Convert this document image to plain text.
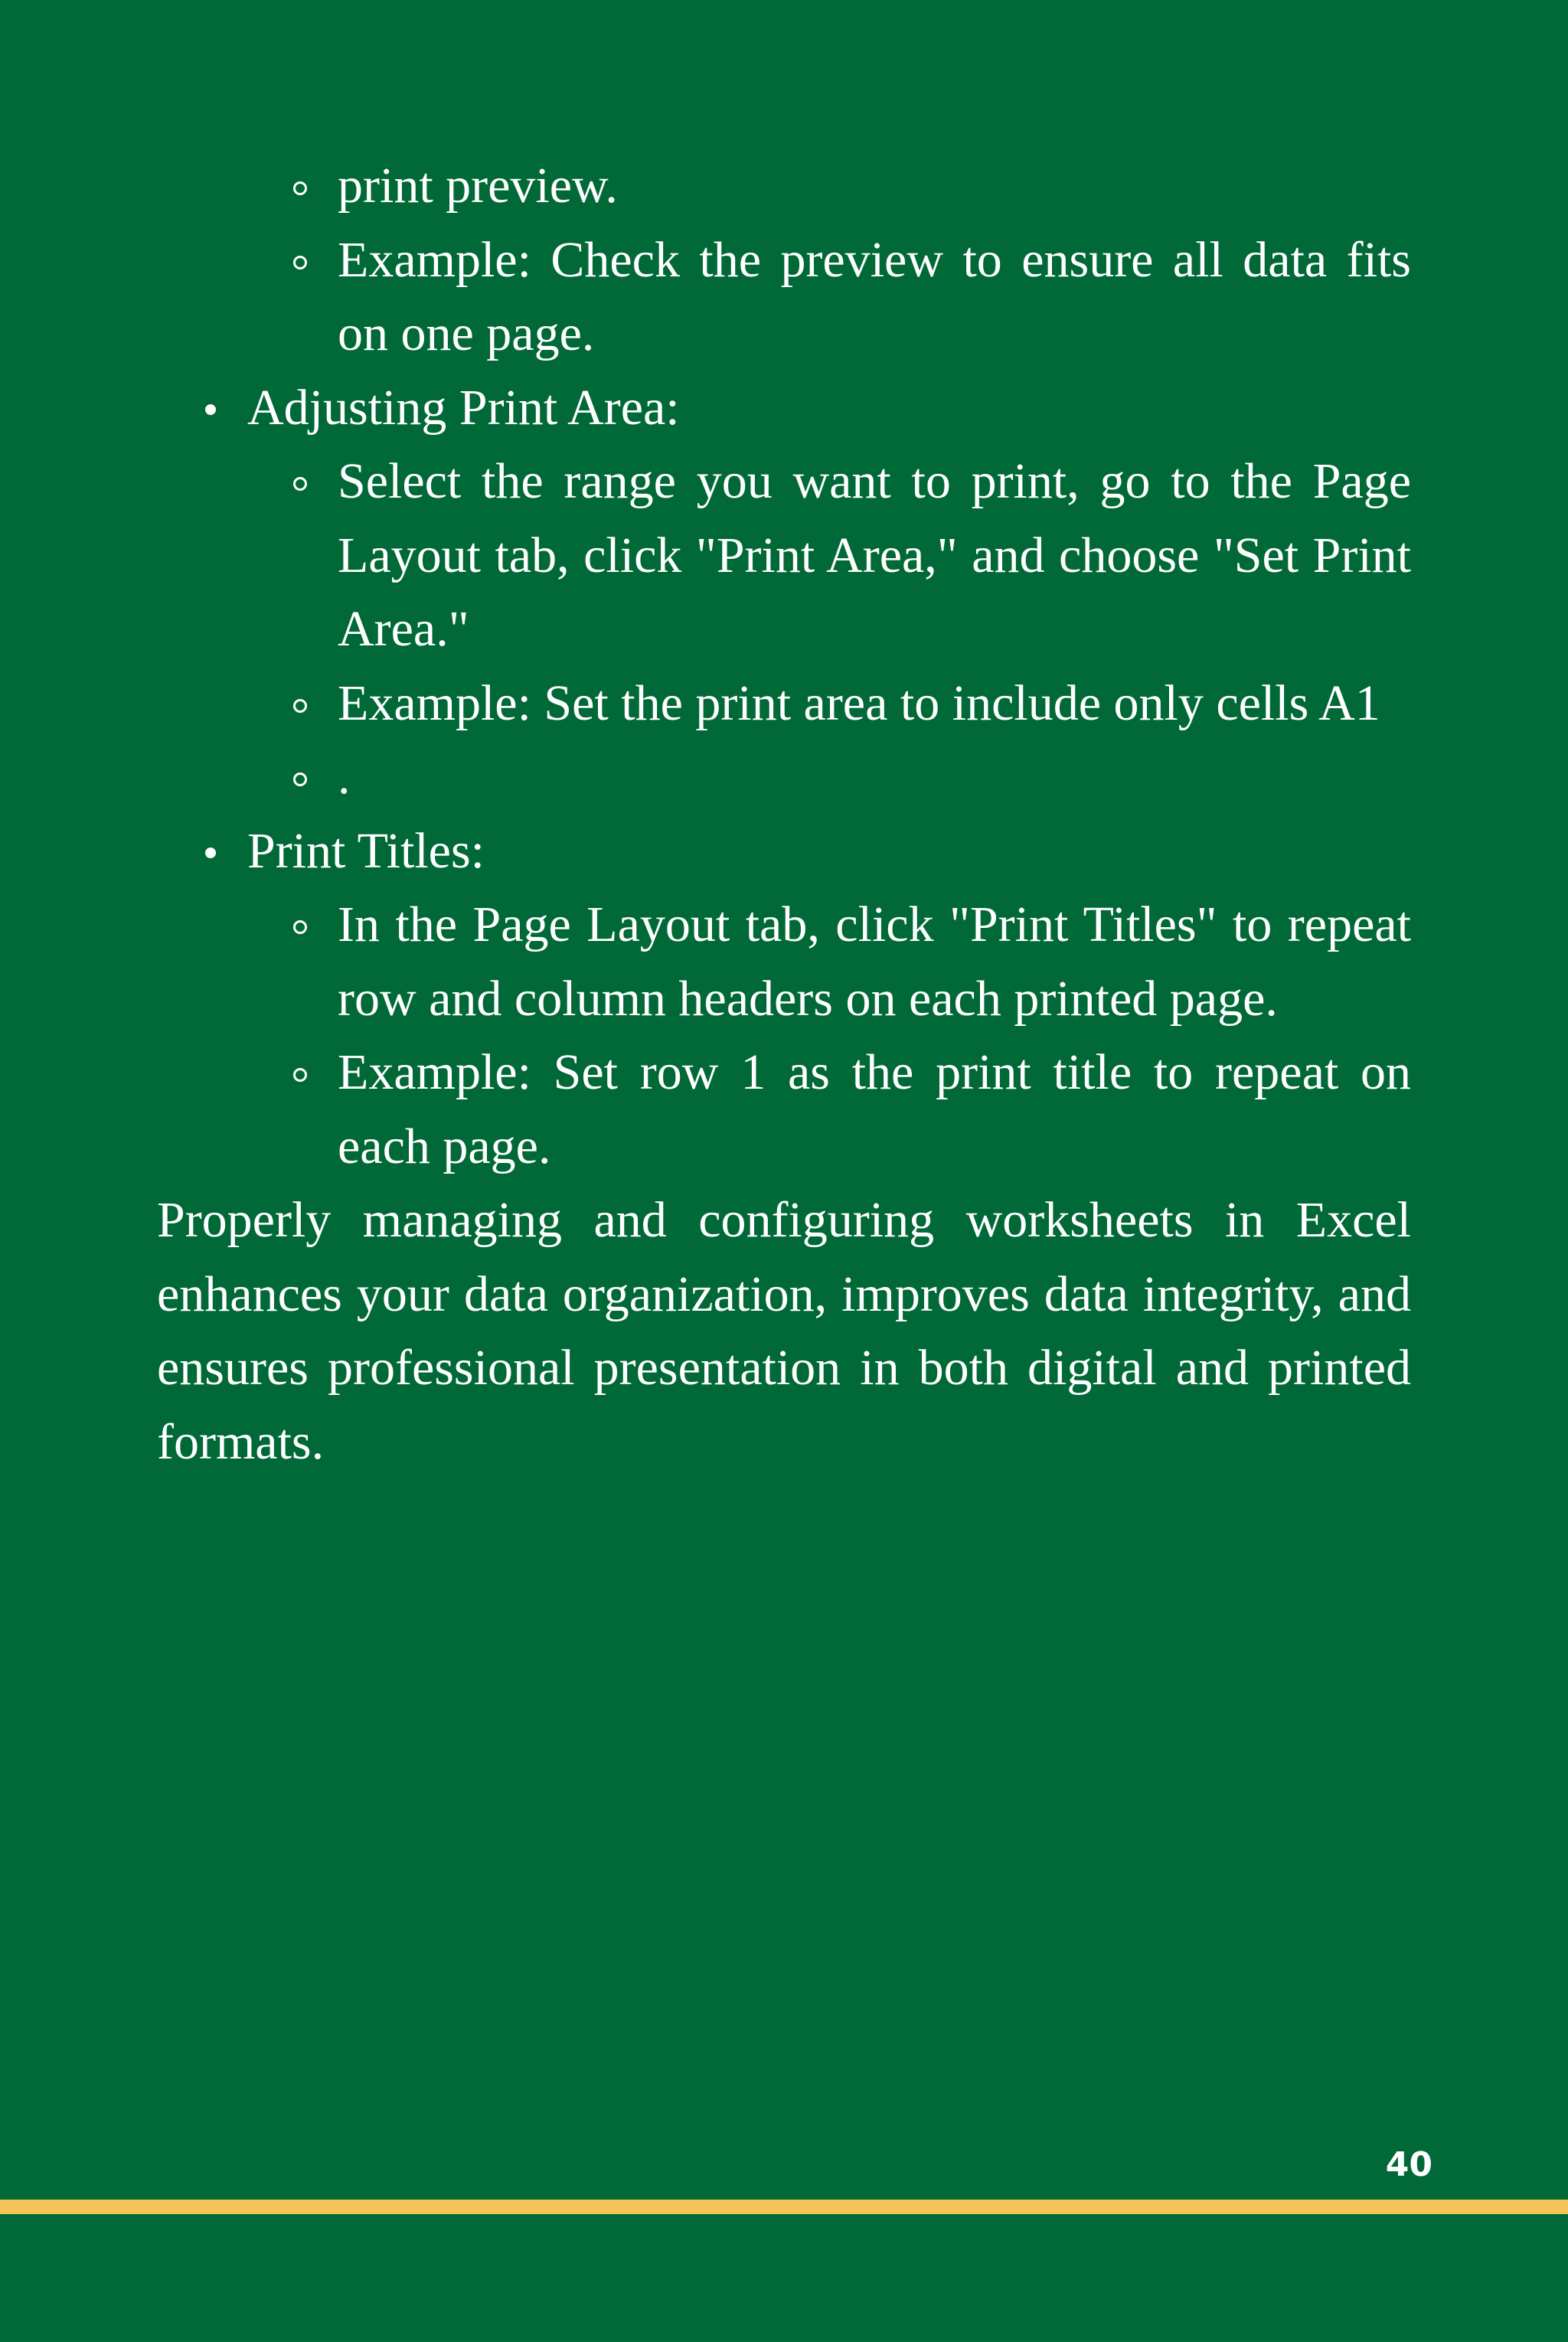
print preview.
Example: Check the preview to ensure all data fits on one page.
Adjusting Print Area:
Select the range you want to print, go to the Page Layout tab, click "Print Area," and choose "Set Print Area."
Example: Set the print area to include only cells A1
.
Print Titles:
In the Page Layout tab, click "Print Titles" to repeat row and column headers on each printed page.
Example: Set row 1 as the print title to repeat on each page.

Properly managing and configuring worksheets in Excel enhances your data organization, improves data integrity, and ensures professional presentation in both digital and printed formats.

40
